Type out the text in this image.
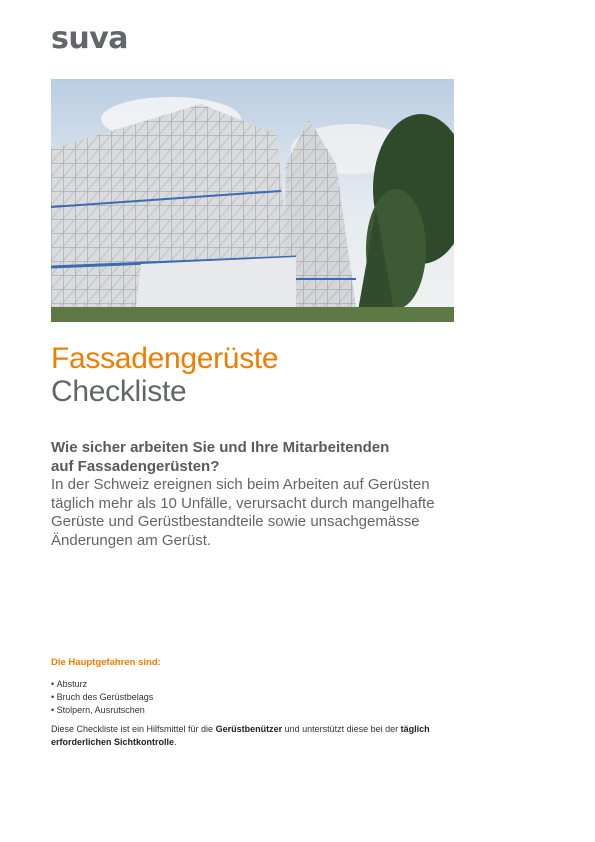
suva
Fassadengerüste
Checkliste

Wie sicher arbeiten Sie und Ihre Mitarbeitenden
auf Fassadengerüsten?

In der Schweiz ereignen sich beim Arbeiten auf Gerüsten täglich mehr als 10 Unfälle, verursacht durch mangelhafte Gerüste und Gerüstbestandteile sowie unsachgemässe Änderungen am Gerüst.

Die Hauptgefahren sind:

• Absturz
• Bruch des Gerüstbelags
• Stolpern, Ausrutschen

Diese Checkliste ist ein Hilfsmittel für die Gerüstbenützer und unterstützt diese bei der täglich erforderlichen Sichtkontrolle.
